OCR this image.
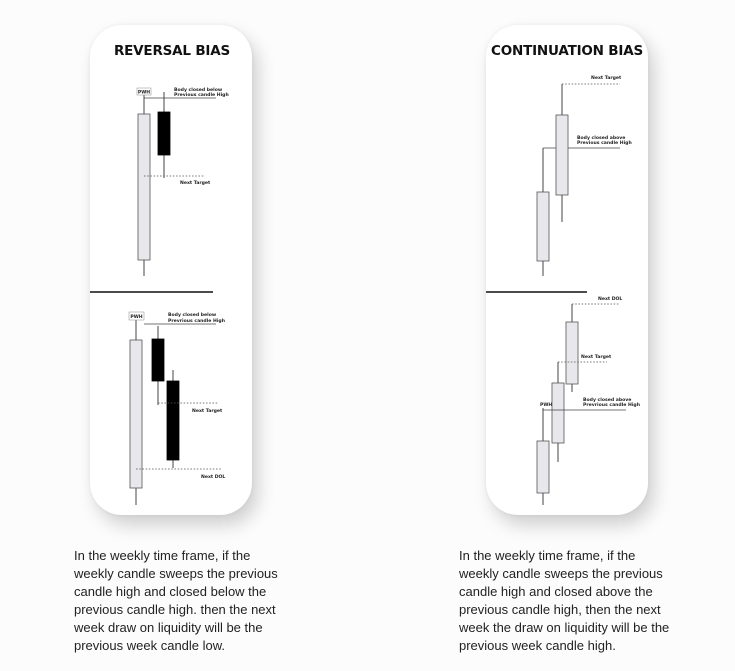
REVERSAL BIAS
PWH	Body closed below
Previous candle High
Next Target
PWH	Body closed below
Prevrious candle High
Next Target
Next DOL

In the weekly time frame, if the weekly candle sweeps the previous candle high and closed below the previous candle high. then the next week draw on liquidity will be the previous week candle low.

CONTINUATION BIAS
Next Target
Body closed above
Previous candle High
PWH
Body closed above
Prevrious candle High
Next Target
Next DOL

In the weekly time frame, if the weekly candle sweeps the previous candle high and closed above the previous candle high, then the next week the draw on liquidity will be the previous week candle high.
